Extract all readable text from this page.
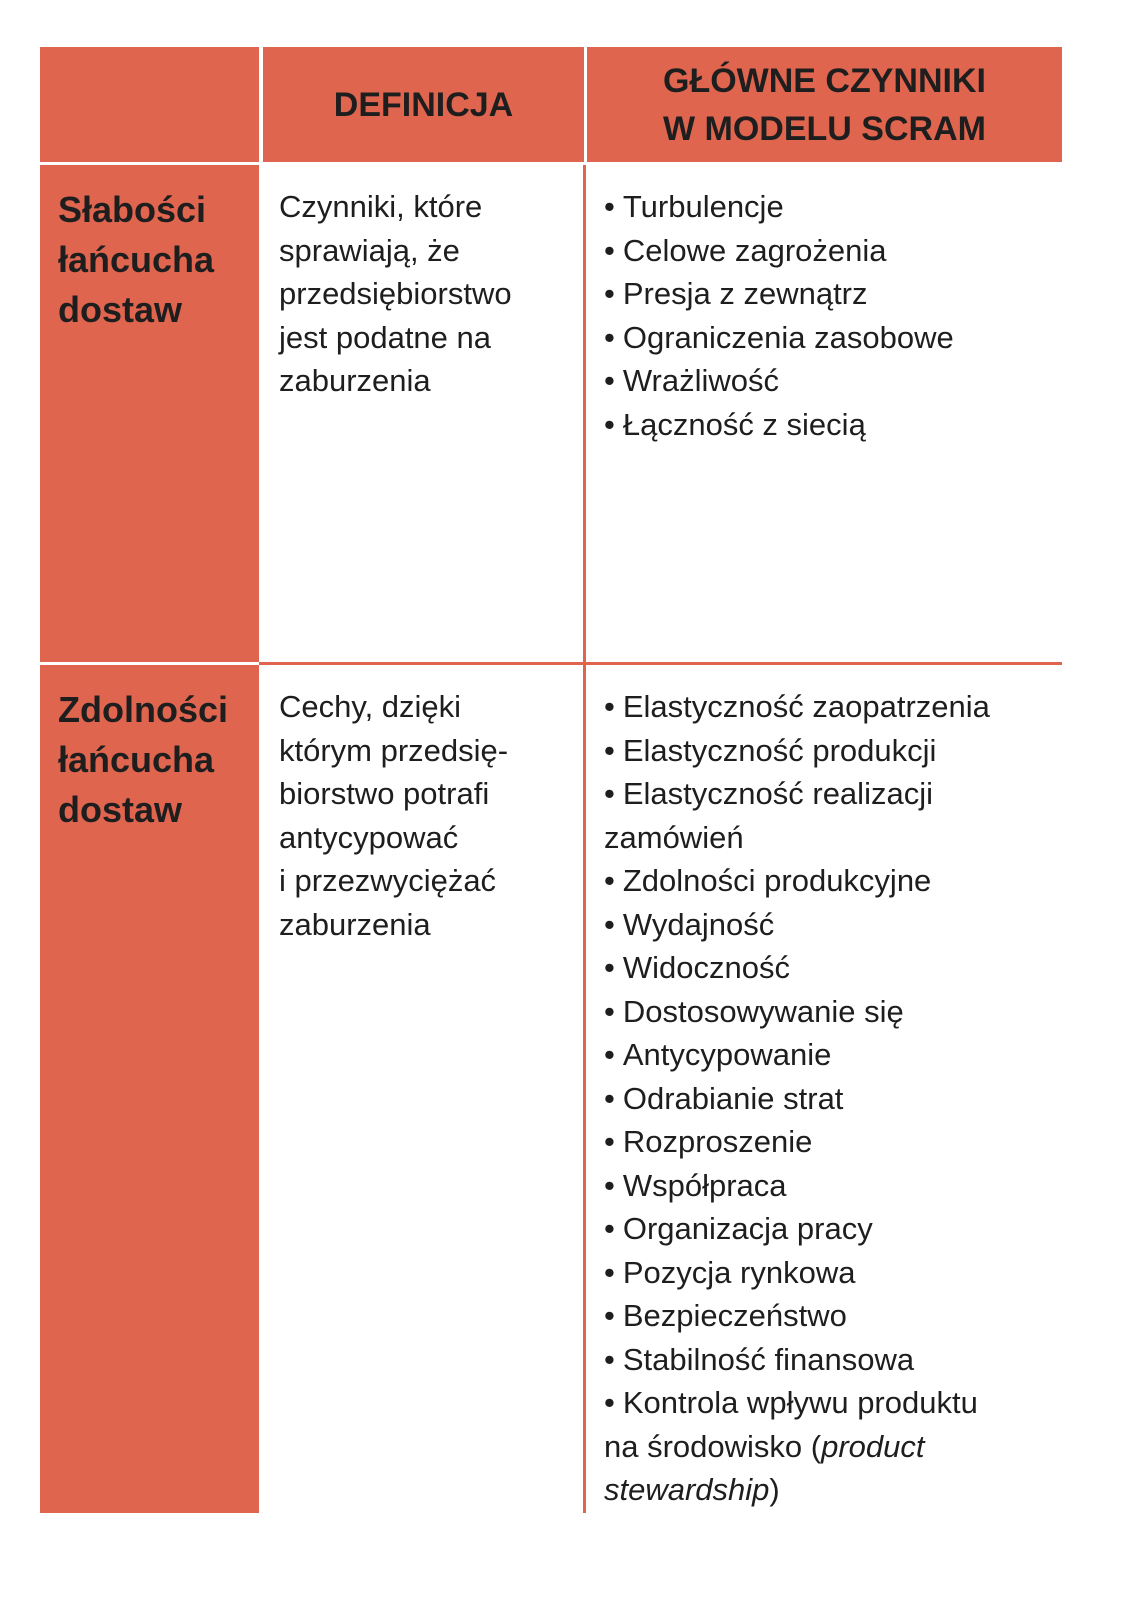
DEFINICJA
GŁÓWNE CZYNNIKI
W MODELU SCRAM
Słabości
łańcucha
dostaw
Zdolności
łańcucha
dostaw
Czynniki, które
sprawiają, że
przedsiębiorstwo
jest podatne na
zaburzenia
• Turbulencje
• Celowe zagrożenia
• Presja z zewnątrz
• Ograniczenia zasobowe
• Wrażliwość
• Łączność z siecią
Cechy, dzięki
którym przedsię-
biorstwo potrafi
antycypować
i przezwyciężać
zaburzenia
• Elastyczność zaopatrzenia
• Elastyczność produkcji
• Elastyczność realizacji
zamówień
• Zdolności produkcyjne
• Wydajność
• Widoczność
• Dostosowywanie się
• Antycypowanie
• Odrabianie strat
• Rozproszenie
• Współpraca
• Organizacja pracy
• Pozycja rynkowa
• Bezpieczeństwo
• Stabilność finansowa
• Kontrola wpływu produktu
na środowisko (product
stewardship)
